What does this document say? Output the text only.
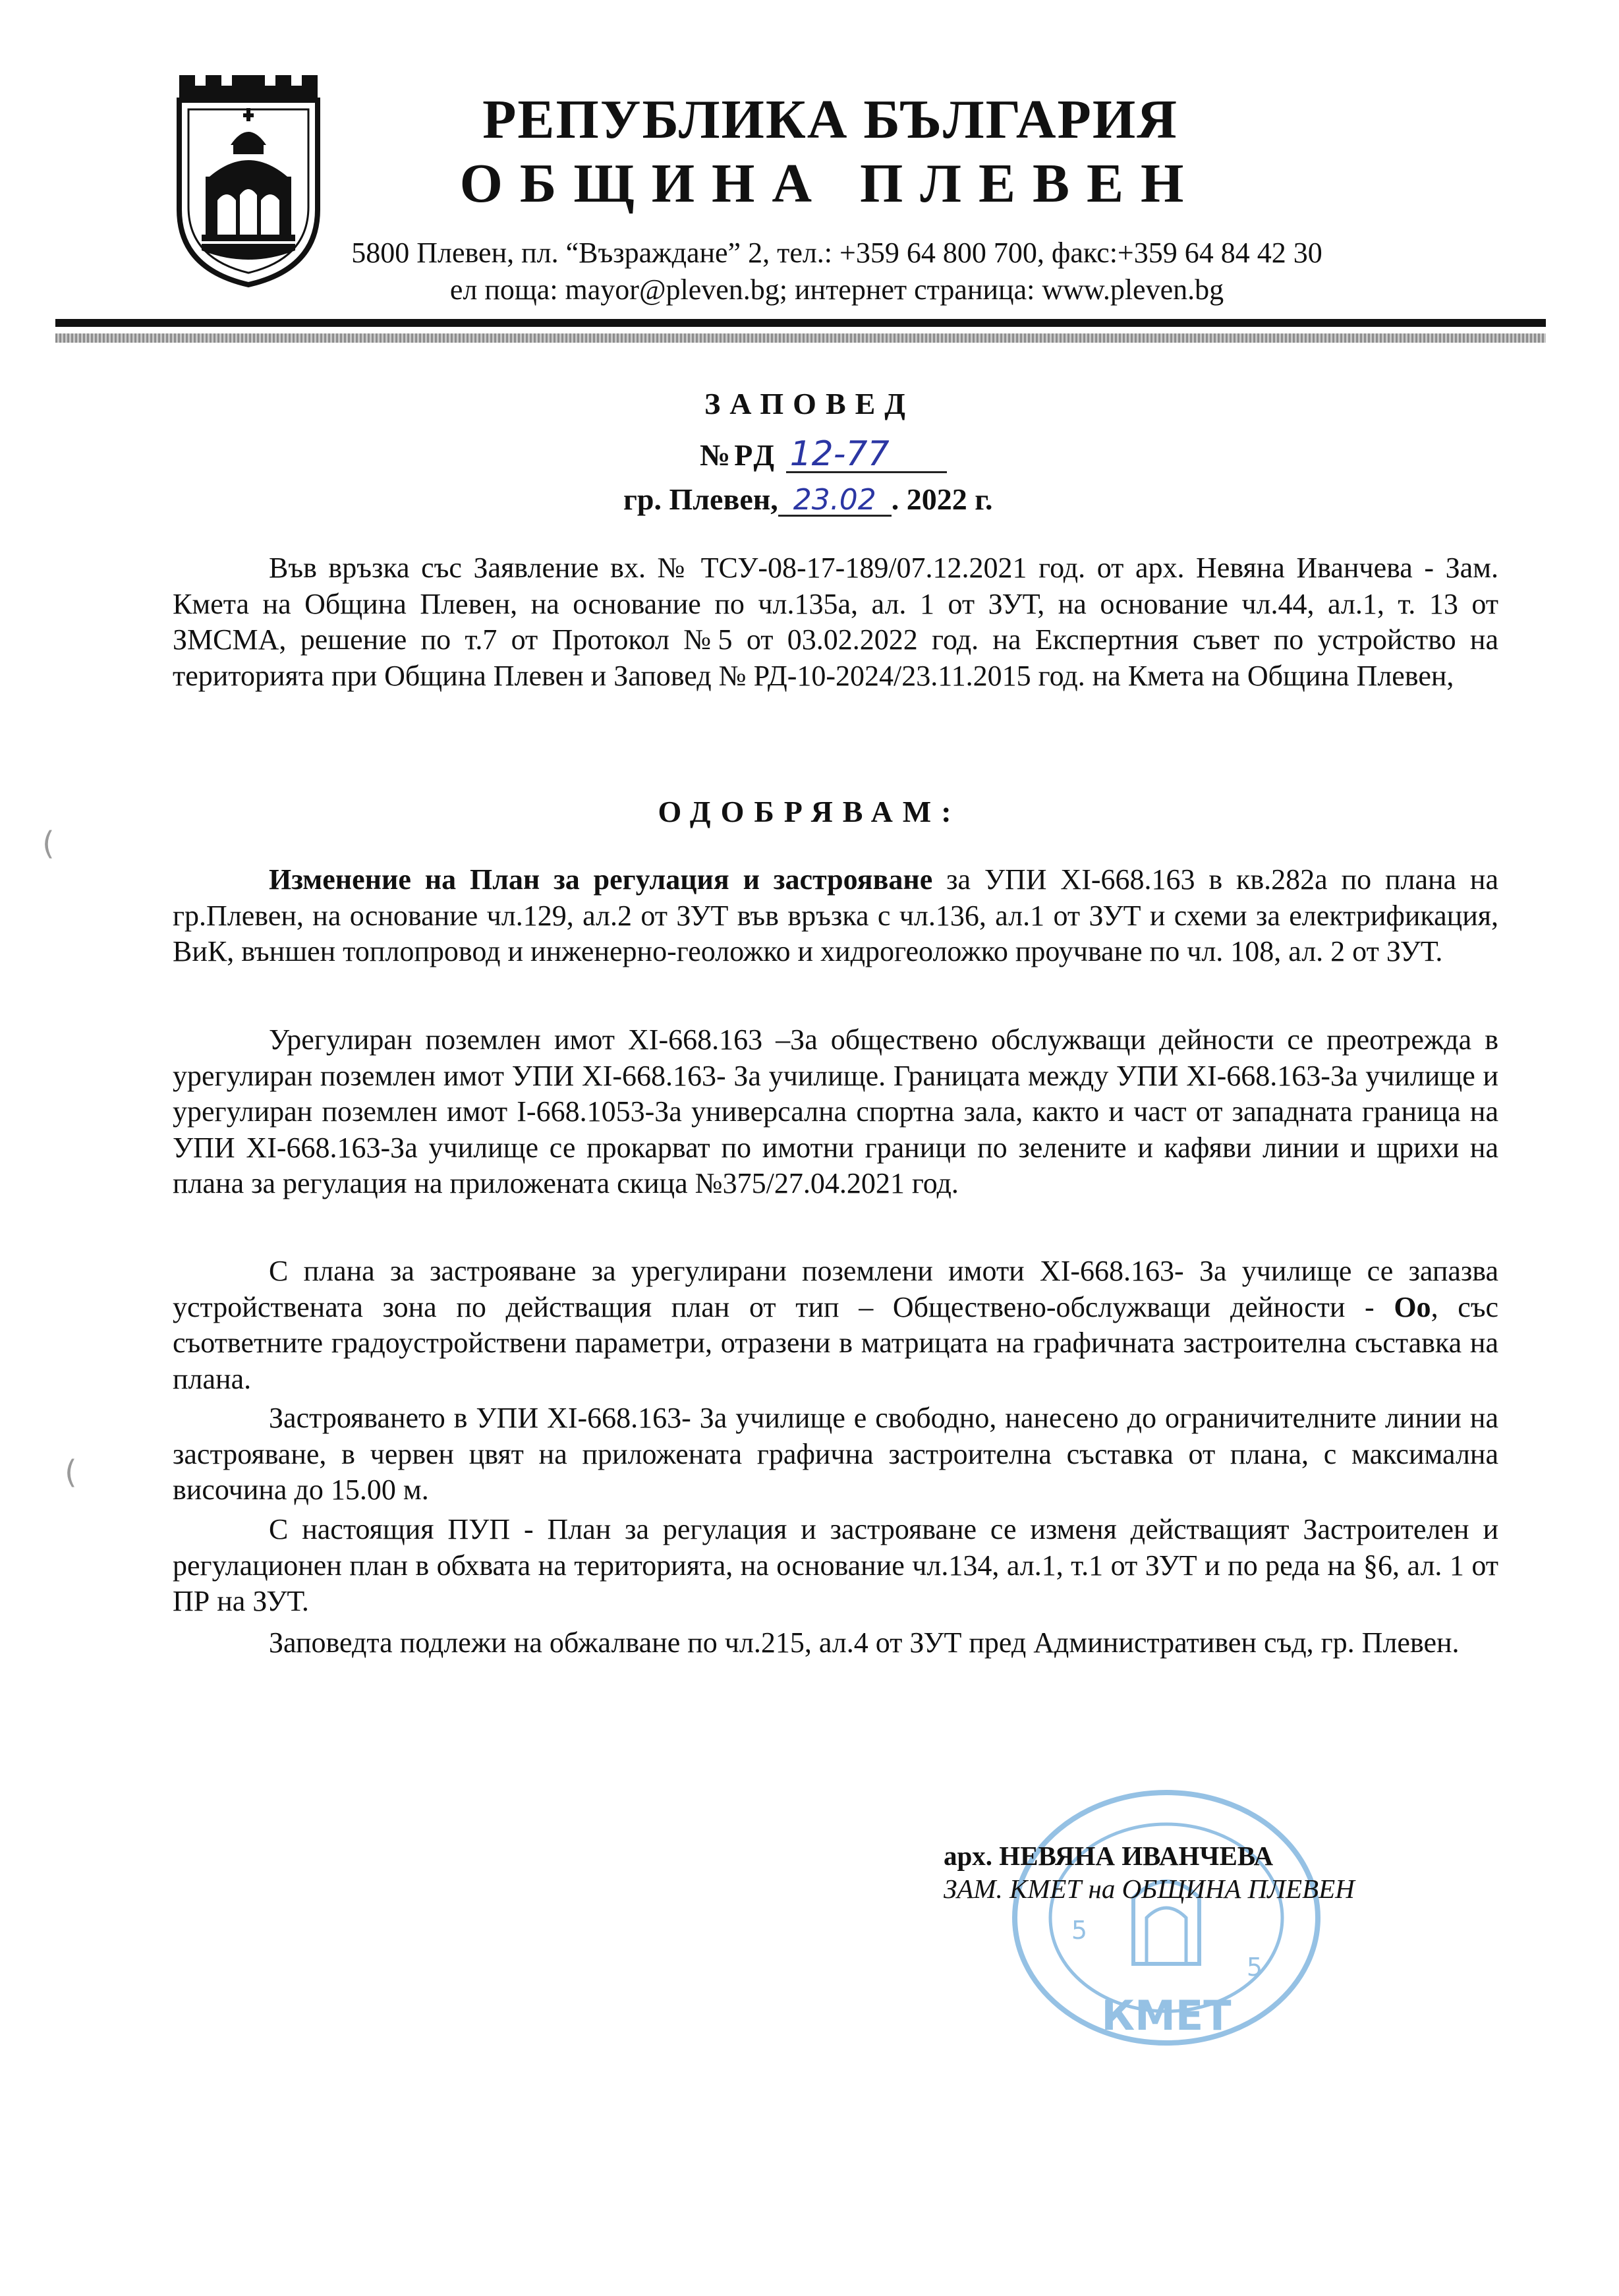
РЕПУБЛИКА БЪЛГАРИЯ
ОБЩИНА ПЛЕВЕН
5800 Плевен, пл. “Възраждане” 2, тел.: +359 64 800 700, факс:+359 64 84 42 30
ел поща: mayor@pleven.bg; интернет страница: www.pleven.bg
ЗАПОВЕД
№РД 12-77
гр. Плевен, 23.02 . 2022 г.

Във връзка със Заявление вх. № ТСУ-08-17-189/07.12.2021 год. от арх. Невяна Иванчева - Зам. Кмета на Община Плевен, на основание по чл.135а, ал. 1 от ЗУТ, на основание чл.44, ал.1, т. 13 от ЗМСМА, решение по т.7 от Протокол №5 от 03.02.2022 год. на Експертния съвет по устройство на територията при Община Плевен и Заповед № РД-10-2024/23.11.2015 год. на Кмета на Община Плевен,

ОДОБРЯВАМ:

Изменение на План за регулация и застрояване за УПИ ХІ-668.163 в кв.282а по плана на гр.Плевен, на основание чл.129, ал.2 от ЗУТ във връзка с чл.136, ал.1 от ЗУТ и схеми за електрификация, ВиК, външен топлопровод и инженерно-геоложко и хидрогеоложко проучване по чл. 108, ал. 2 от ЗУТ.

Урегулиран поземлен имот ХІ-668.163 –За обществено обслужващи дейности се преотрежда в урегулиран поземлен имот УПИ ХІ-668.163- За училище. Границата между УПИ ХІ-668.163-За училище и урегулиран поземлен имот І-668.1053-За универсална спортна зала, както и част от западната граница на УПИ ХІ-668.163-За училище се прокарват по имотни граници по зелените и кафяви линии и щрихи на плана за регулация на приложената скица №375/27.04.2021 год.

С плана за застрояване за урегулирани поземлени имоти ХІ-668.163- За училище се запазва устройствената зона по действащия план от тип – Обществено-обслужващи дейности - Оо, със съответните градоустройствени параметри, отразени в матрицата на графичната застроителна съставка на плана.

Застрояването в УПИ ХІ-668.163- За училище е свободно, нанесено до ограничителните линии на застрояване, в червен цвят на приложената графична застроителна съставка от плана, с максимална височина до 15.00 м.

С настоящия ПУП - План за регулация и застрояване се изменя действащият Застроителен и регулационен план в обхвата на територията, на основание чл.134, ал.1, т.1 от ЗУТ и по реда на §6, ал. 1 от ПР на ЗУТ.

Заповедта подлежи на обжалване по чл.215, ал.4 от ЗУТ пред Административен съд, гр. Плевен.

КМЕТ
5
5
арх. НЕВЯНА ИВАНЧЕВА
ЗАМ. КМЕТ на ОБЩИНА ПЛЕВЕН
(
(
